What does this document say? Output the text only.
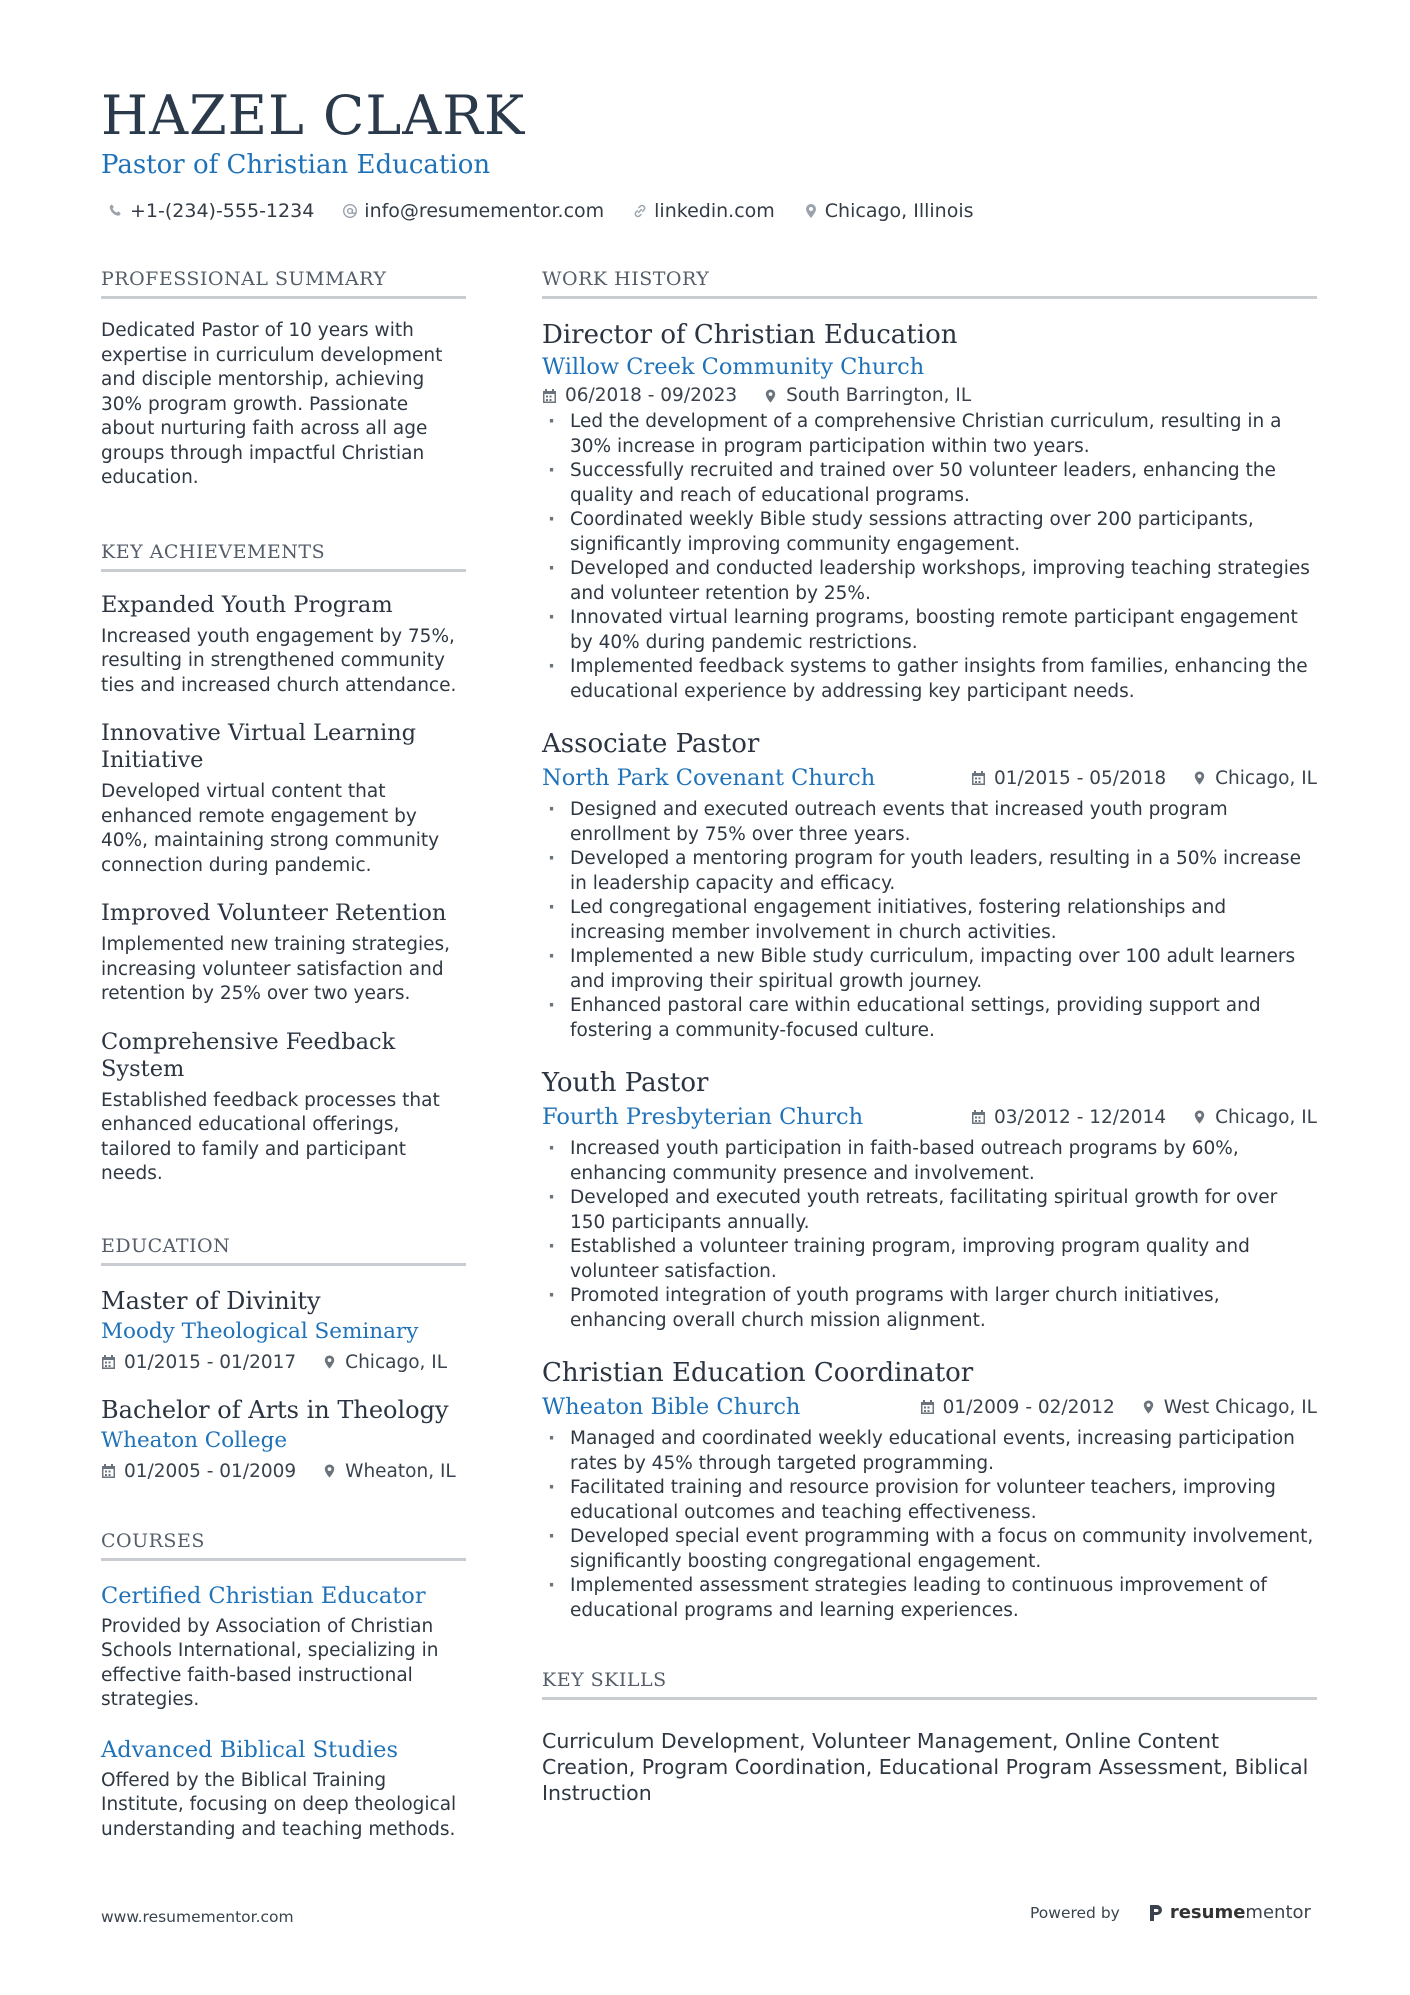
HAZEL CLARK
Pastor of Christian Education
+1-(234)-555-1234	info@resumementor.com	linkedin.com	Chicago, Illinois
PROFESSIONAL SUMMARY
Dedicated Pastor of 10 years with expertise in curriculum development and disciple mentorship, achieving 30% program growth. Passionate about nurturing faith across all age groups through impactful Christian education.
KEY ACHIEVEMENTS
Expanded Youth Program
Increased youth engagement by 75%, resulting in strengthened community ties and increased church attendance.
Innovative Virtual Learning Initiative
Developed virtual content that enhanced remote engagement by 40%, maintaining strong community connection during pandemic.
Improved Volunteer Retention
Implemented new training strategies, increasing volunteer satisfaction and retention by 25% over two years.
Comprehensive Feedback System
Established feedback processes that enhanced educational offerings, tailored to family and participant needs.
EDUCATION
Master of Divinity
Moody Theological Seminary
01/2015 - 01/2017	Chicago, IL
Bachelor of Arts in Theology
Wheaton College
01/2005 - 01/2009	Wheaton, IL
COURSES
Certified Christian Educator
Provided by Association of Christian Schools International, specializing in effective faith-based instructional strategies.
Advanced Biblical Studies
Offered by the Biblical Training Institute, focusing on deep theological understanding and teaching methods.
WORK HISTORY
Director of Christian Education
Willow Creek Community Church
06/2018 - 09/2023	South Barrington, IL
· Led the development of a comprehensive Christian curriculum, resulting in a 30% increase in program participation within two years.
· Successfully recruited and trained over 50 volunteer leaders, enhancing the quality and reach of educational programs.
· Coordinated weekly Bible study sessions attracting over 200 participants, significantly improving community engagement.
· Developed and conducted leadership workshops, improving teaching strategies and volunteer retention by 25%.
· Innovated virtual learning programs, boosting remote participant engagement by 40% during pandemic restrictions.
· Implemented feedback systems to gather insights from families, enhancing the educational experience by addressing key participant needs.
Associate Pastor
North Park Covenant Church	01/2015 - 05/2018	Chicago, IL
· Designed and executed outreach events that increased youth program enrollment by 75% over three years.
· Developed a mentoring program for youth leaders, resulting in a 50% increase in leadership capacity and efficacy.
· Led congregational engagement initiatives, fostering relationships and increasing member involvement in church activities.
· Implemented a new Bible study curriculum, impacting over 100 adult learners and improving their spiritual growth journey.
· Enhanced pastoral care within educational settings, providing support and fostering a community-focused culture.
Youth Pastor
Fourth Presbyterian Church	03/2012 - 12/2014	Chicago, IL
· Increased youth participation in faith-based outreach programs by 60%, enhancing community presence and involvement.
· Developed and executed youth retreats, facilitating spiritual growth for over 150 participants annually.
· Established a volunteer training program, improving program quality and volunteer satisfaction.
· Promoted integration of youth programs with larger church initiatives, enhancing overall church mission alignment.
Christian Education Coordinator
Wheaton Bible Church	01/2009 - 02/2012	West Chicago, IL
· Managed and coordinated weekly educational events, increasing participation rates by 45% through targeted programming.
· Facilitated training and resource provision for volunteer teachers, improving educational outcomes and teaching effectiveness.
· Developed special event programming with a focus on community involvement, significantly boosting congregational engagement.
· Implemented assessment strategies leading to continuous improvement of educational programs and learning experiences.
KEY SKILLS
Curriculum Development, Volunteer Management, Online Content Creation, Program Coordination, Educational Program Assessment, Biblical Instruction
www.resumementor.com	Powered by	resumementor
